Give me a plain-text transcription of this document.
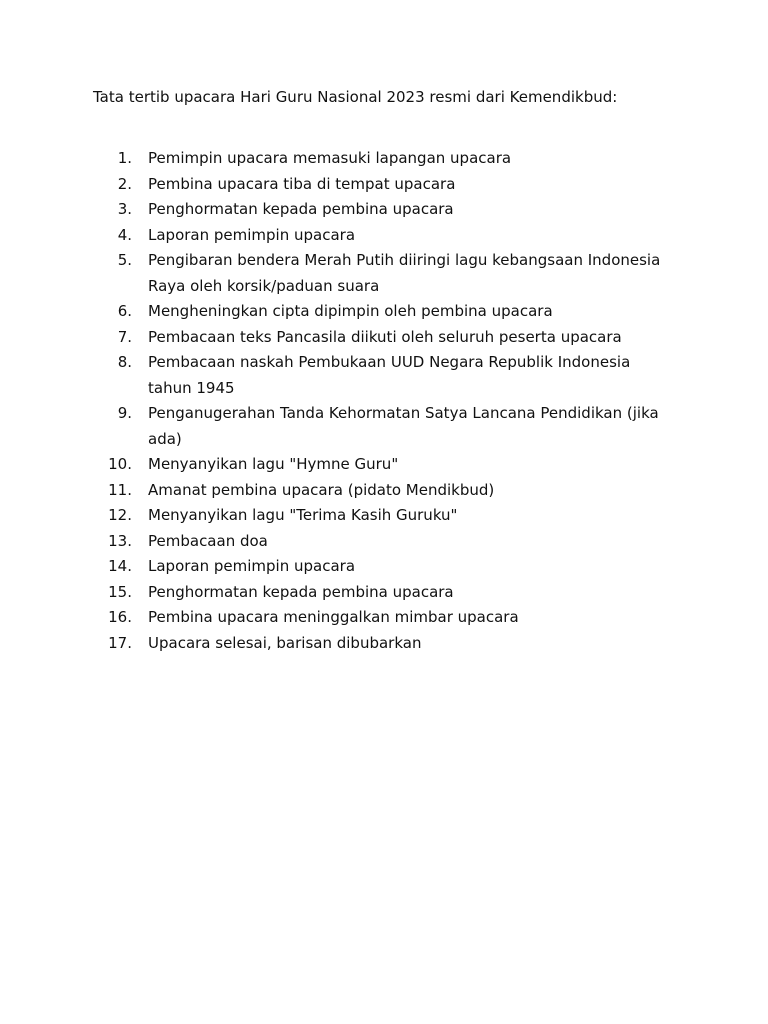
Tata tertib upacara Hari Guru Nasional 2023 resmi dari Kemendikbud:
1. Pemimpin upacara memasuki lapangan upacara
2. Pembina upacara tiba di tempat upacara
3. Penghormatan kepada pembina upacara
4. Laporan pemimpin upacara
5. Pengibaran bendera Merah Putih diiringi lagu kebangsaan Indonesia Raya oleh korsik/paduan suara
6. Mengheningkan cipta dipimpin oleh pembina upacara
7. Pembacaan teks Pancasila diikuti oleh seluruh peserta upacara
8. Pembacaan naskah Pembukaan UUD Negara Republik Indonesia tahun 1945
9. Penganugerahan Tanda Kehormatan Satya Lancana Pendidikan (jika ada)
10. Menyanyikan lagu "Hymne Guru"
11. Amanat pembina upacara (pidato Mendikbud)
12. Menyanyikan lagu "Terima Kasih Guruku"
13. Pembacaan doa
14. Laporan pemimpin upacara
15. Penghormatan kepada pembina upacara
16. Pembina upacara meninggalkan mimbar upacara
17. Upacara selesai, barisan dibubarkan
